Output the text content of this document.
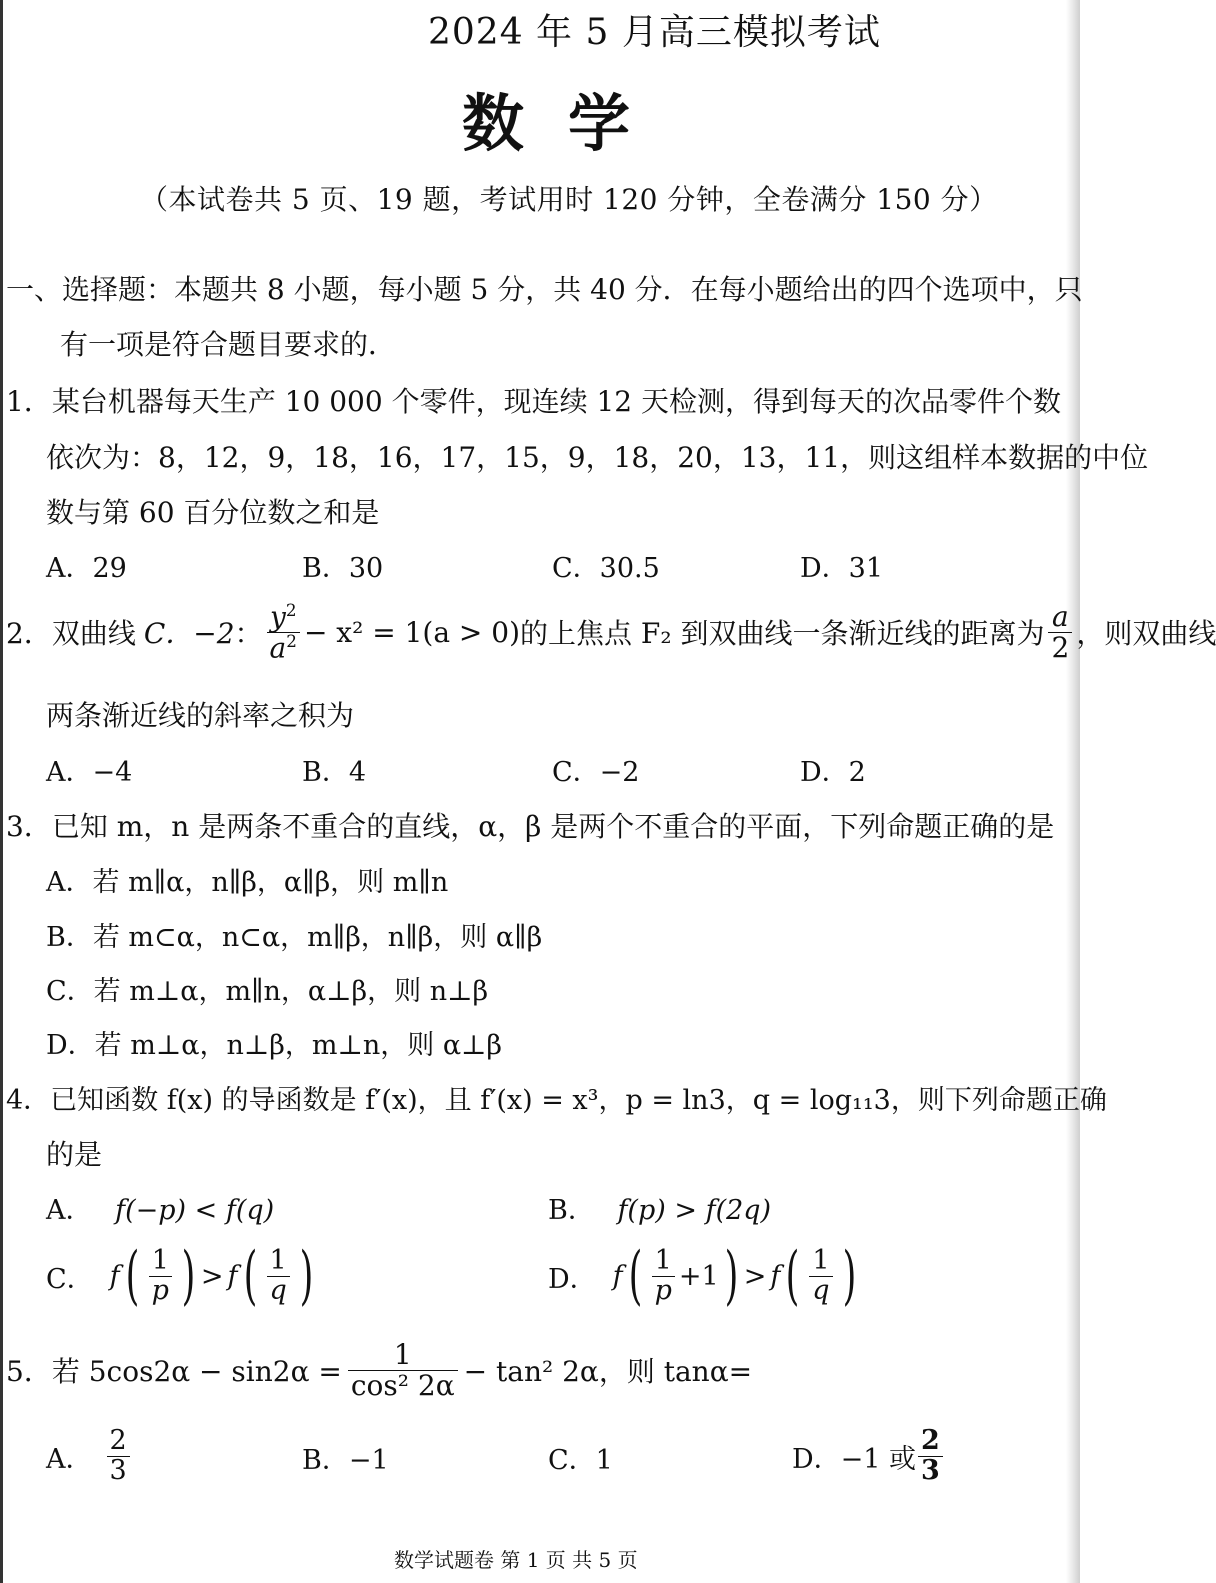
2024 年 5 月高三模拟考试
数学
（本试卷共 5 页、19 题，考试用时 120 分钟，全卷满分 150 分）
一、选择题：本题共 8 小题，每小题 5 分，共 40 分．在每小题给出的四个选项中，只
有一项是符合题目要求的．
1．某台机器每天生产 10 000 个零件，现连续 12 天检测，得到每天的次品零件个数
依次为：8，12，9，18，16，17，15，9，18，20，13，11，则这组样本数据的中位
数与第 60 百分位数之和是
A．29	B．30	C．30.5	D．31
2．双曲线 C．−2 ： $\frac{y^2}{a^2} - x^2 = 1(a > 0)$ 的上焦点 F₂ 到双曲线一条渐近线的距离为 $\frac{a}{2}$ ，则双曲线
两条渐近线的斜率之积为
A．−4	B．4	C．−2	D．2
3．已知 m，n 是两条不重合的直线，α，β 是两个不重合的平面，下列命题正确的是
A．若 m∥α，n∥β，α∥β，则 m∥n
B．若 m⊂α，n⊂α，m∥β，n∥β，则 α∥β
C．若 m⊥α，m∥n，α⊥β，则 n⊥β
D．若 m⊥α，n⊥β，m⊥n，则 α⊥β
4．已知函数 f(x) 的导函数是 f′(x)，且 f′(x) = x³，p = ln3，q = log₁₁3，则下列命题正确
的是
A． f(−p) < f(q)	B． f(p) > f(2q)
C． f ( $\frac{1}{p}$ ) > f ( $\frac{1}{q}$ )	D． f ( $\frac{1}{p} +1$ ) > f ( $\frac{1}{q}$ )
5．若 $5\cos 2\alpha - \sin 2\alpha = \frac{1}{\text{cos² 2α}} - \tan^2$ 2α，则 tanα=
A． $\frac{2}{3}$	B．−1	C．1	D．−1 或 $\frac{2}{3}$
数学试题卷 第 1 页 共 5 页
